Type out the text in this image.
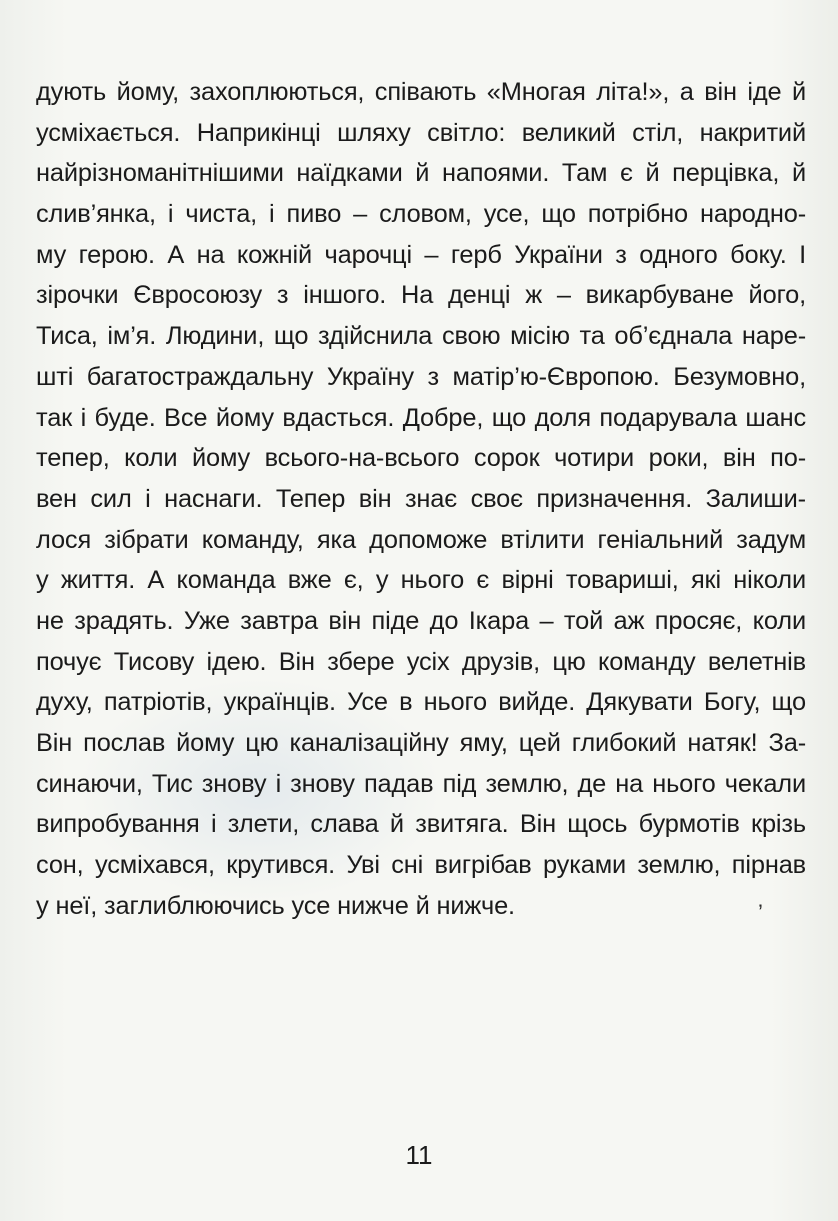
дують йому, захоплюються, співають «Многая літа!», а він іде й
усміхається. Наприкінці шляху світло: великий стіл, накритий
найрізноманітнішими наїдками й напоями. Там є й перцівка, й
слив’янка, і чиста, і пиво – словом, усе, що потрібно народно-
му герою. А на кожній чарочці – герб України з одного боку. І
зірочки Євросоюзу з іншого. На денці ж – викарбуване його,
Тиса, ім’я. Людини, що здійснила свою місію та об’єднала наре-
шті багатостраждальну Україну з матір’ю-Європою. Безумовно,
так і буде. Все йому вдасться. Добре, що доля подарувала шанс
тепер, коли йому всього-на-всього сорок чотири роки, він по-
вен сил і наснаги. Тепер він знає своє призначення. Залиши-
лося зібрати команду, яка допоможе втілити геніальний задум
у життя. А команда вже є, у нього є вірні товариші, які ніколи
не зрадять. Уже завтра він піде до Ікара – той аж просяє, коли
почує Тисову ідею. Він збере усіх друзів, цю команду велетнів
духу, патріотів, українців. Усе в нього вийде. Дякувати Богу, що
Він послав йому цю каналізаційну яму, цей глибокий натяк! За-
синаючи, Тис знову і знову падав під землю, де на нього чекали
випробування і злети, слава й звитяга. Він щось бурмотів крізь
сон, усміхався, крутився. Уві сні вигрібав руками землю, пірнав
у неї, заглиблюючись усе нижче й нижче.	’
11
